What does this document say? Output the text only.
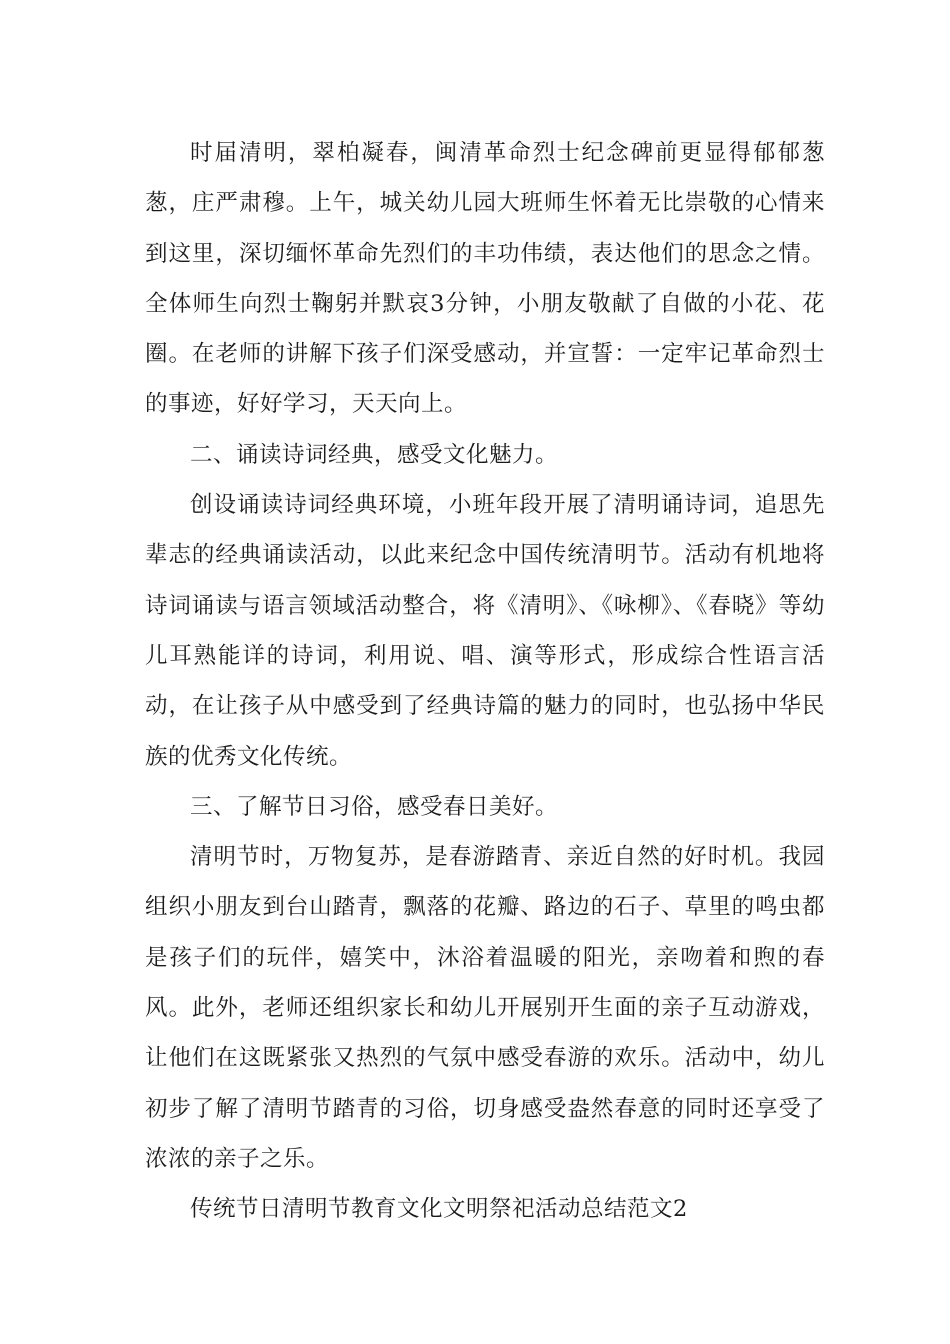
时届清明，翠柏凝春，闽清革命烈士纪念碑前更显得郁郁葱葱，庄严肃穆。上午，城关幼儿园大班师生怀着无比崇敬的心情来到这里，深切缅怀革命先烈们的丰功伟绩，表达他们的思念之情。全体师生向烈士鞠躬并默哀3分钟，小朋友敬献了自做的小花、花圈。在老师的讲解下孩子们深受感动，并宣誓：一定牢记革命烈士的事迹，好好学习，天天向上。

二、诵读诗词经典，感受文化魅力。

创设诵读诗词经典环境，小班年段开展了清明诵诗词，追思先辈志的经典诵读活动，以此来纪念中国传统清明节。活动有机地将诗词诵读与语言领域活动整合，将《清明》、《咏柳》、《春晓》等幼儿耳熟能详的诗词，利用说、唱、演等形式，形成综合性语言活动，在让孩子从中感受到了经典诗篇的魅力的同时，也弘扬中华民族的优秀文化传统。

三、了解节日习俗，感受春日美好。

清明节时，万物复苏，是春游踏青、亲近自然的好时机。我园组织小朋友到台山踏青，飘落的花瓣、路边的石子、草里的鸣虫都是孩子们的玩伴，嬉笑中，沐浴着温暖的阳光，亲吻着和煦的春风。此外，老师还组织家长和幼儿开展别开生面的亲子互动游戏，让他们在这既紧张又热烈的气氛中感受春游的欢乐。活动中，幼儿初步了解了清明节踏青的习俗，切身感受盎然春意的同时还享受了浓浓的亲子之乐。

传统节日清明节教育文化文明祭祀活动总结范文2
